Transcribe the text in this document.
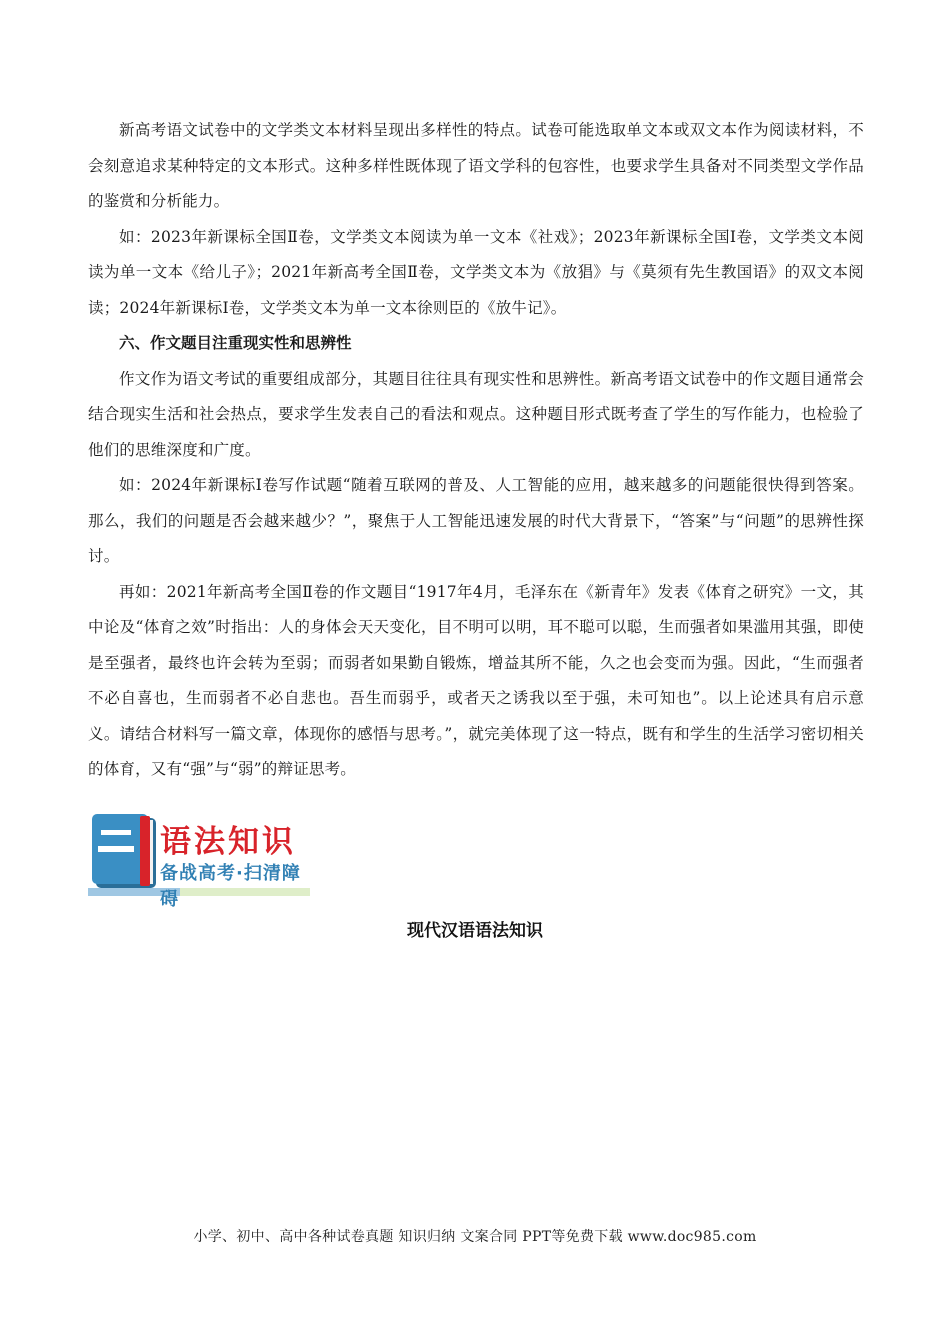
新高考语文试卷中的文学类文本材料呈现出多样性的特点。试卷可能选取单文本或双文本作为阅读材料，不会刻意追求某种特定的文本形式。这种多样性既体现了语文学科的包容性，也要求学生具备对不同类型文学作品的鉴赏和分析能力。

如：2023年新课标全国Ⅱ卷，文学类文本阅读为单一文本《社戏》；2023年新课标全国Ⅰ卷，文学类文本阅读为单一文本《给儿子》；2021年新高考全国Ⅱ卷，文学类文本为《放猖》与《莫须有先生教国语》的双文本阅读；2024年新课标Ⅰ卷，文学类文本为单一文本徐则臣的《放牛记》。

六、作文题目注重现实性和思辨性

作文作为语文考试的重要组成部分，其题目往往具有现实性和思辨性。新高考语文试卷中的作文题目通常会结合现实生活和社会热点，要求学生发表自己的看法和观点。这种题目形式既考查了学生的写作能力，也检验了他们的思维深度和广度。

如：2024年新课标Ⅰ卷写作试题“随着互联网的普及、人工智能的应用，越来越多的问题能很快得到答案。那么，我们的问题是否会越来越少？”，聚焦于人工智能迅速发展的时代大背景下，“答案”与“问题”的思辨性探讨。

再如：2021年新高考全国Ⅱ卷的作文题目“1917年4月，毛泽东在《新青年》发表《体育之研究》一文，其中论及“体育之效”时指出：人的身体会天天变化，目不明可以明，耳不聪可以聪，生而强者如果滥用其强，即使是至强者，最终也许会转为至弱；而弱者如果勤自锻炼，增益其所不能，久之也会变而为强。因此，“生而强者不必自喜也，生而弱者不必自悲也。吾生而弱乎，或者天之诱我以至于强，未可知也”。以上论述具有启示意义。请结合材料写一篇文章，体现你的感悟与思考。”，就完美体现了这一特点，既有和学生的生活学习密切相关的体育，又有“强”与“弱”的辩证思考。

语法知识
备战高考·扫清障碍
现代汉语语法知识
小学、初中、高中各种试卷真题 知识归纳 文案合同 PPT等免费下载 www.doc985.com
